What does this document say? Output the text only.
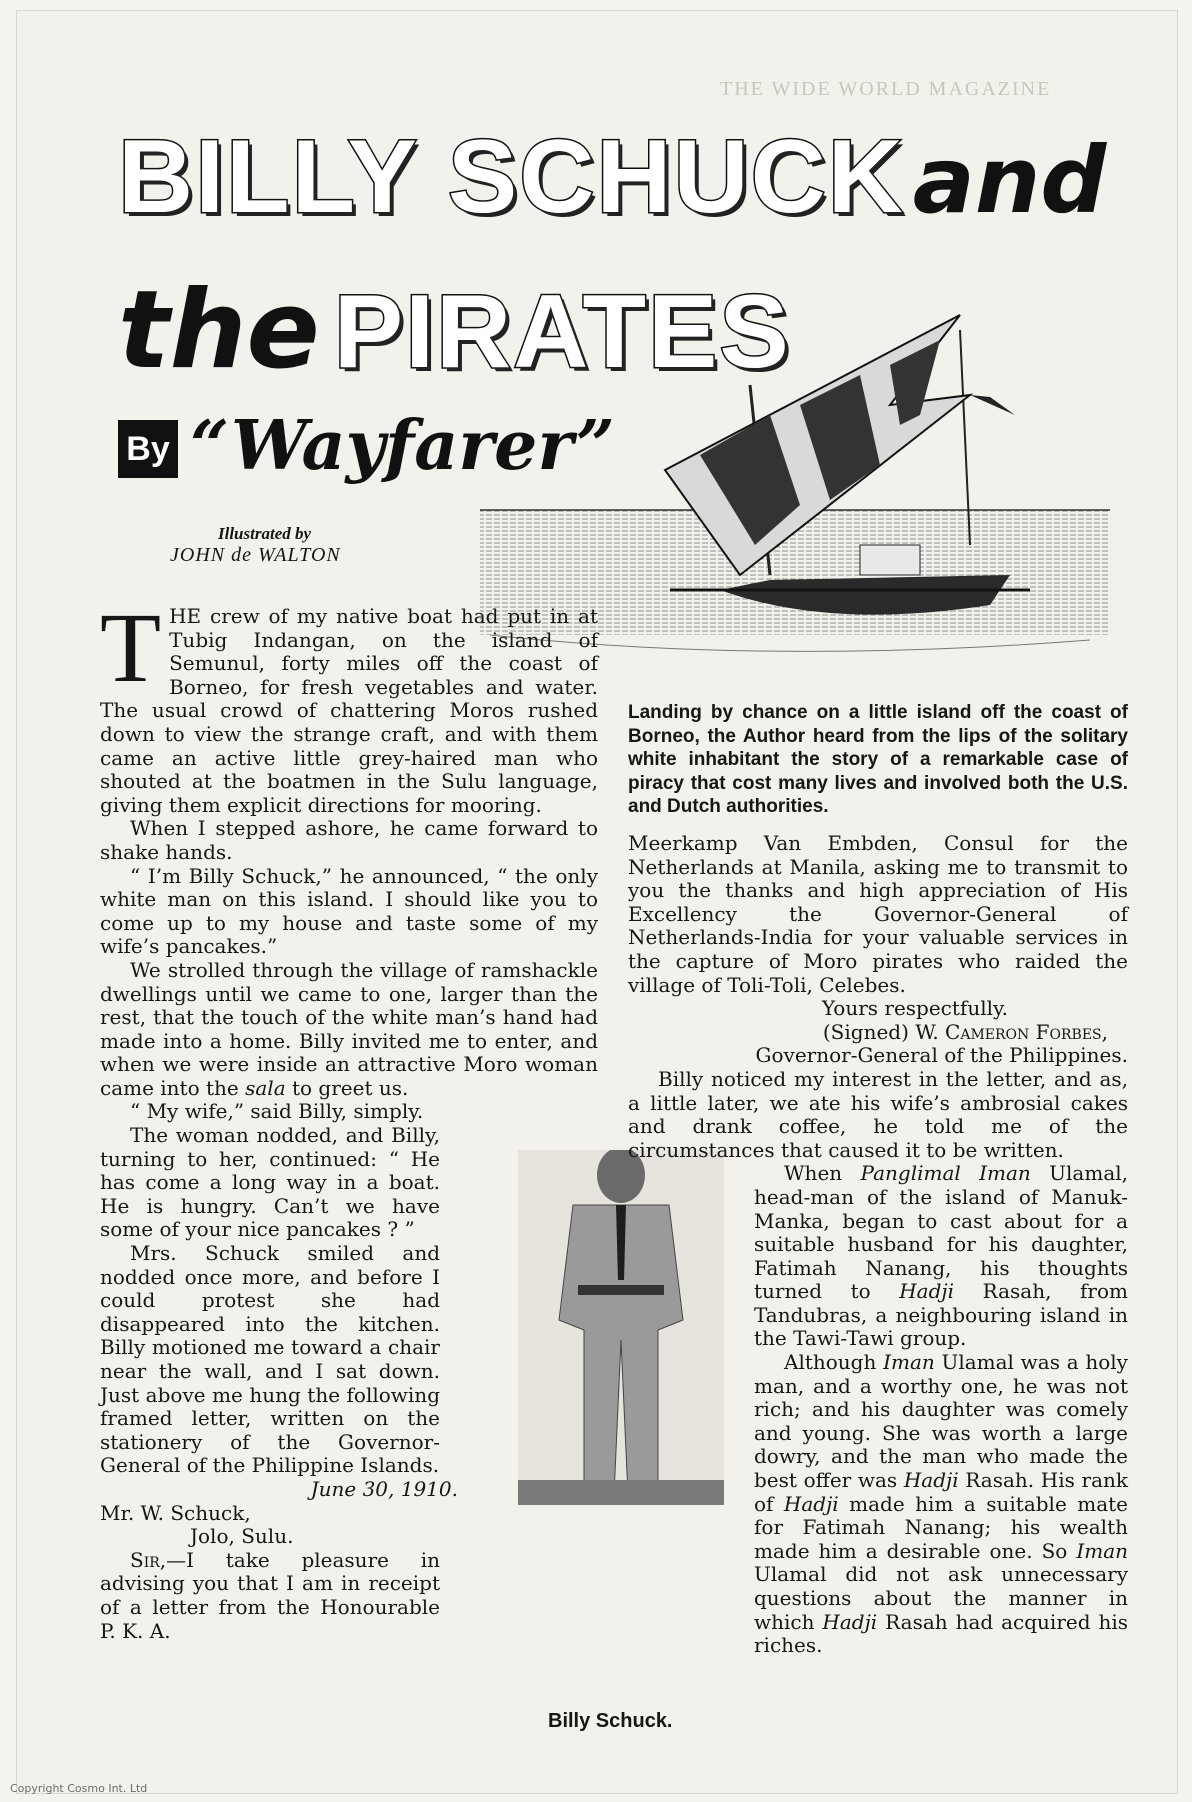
THE WIDE WORLD MAGAZINE
BILLY SCHUCKand
the PIRATES
By “Wayfarer”
Illustrated by
JOHN de WALTON

T HE crew of my native boat had put in at Tubig Indangan, on the island of Semunul, forty miles off the coast of Borneo, for fresh vegetables and water. The usual crowd of chattering Moros rushed down to view the strange craft, and with them came an active little grey-haired man who shouted at the boatmen in the Sulu language, giving them explicit directions for mooring.

When I stepped ashore, he came forward to shake hands.

“ I’m Billy Schuck,” he announced, “ the only white man on this island. I should like you to come up to my house and taste some of my wife’s pancakes.”

We strolled through the village of ramshackle dwellings until we came to one, larger than the rest, that the touch of the white man’s hand had made into a home. Billy invited me to enter, and when we were inside an attractive Moro woman came into the sala to greet us.

“ My wife,” said Billy, simply.

The woman nodded, and Billy, turning to her, continued: “ He has come a long way in a boat. He is hungry. Can’t we have some of your nice pancakes ? ”

Mrs. Schuck smiled and nodded once more, and before I could protest she had disappeared into the kitchen. Billy motioned me toward a chair near the wall, and I sat down. Just above me hung the following framed letter, written on the stationery of the Governor-General of the Philippine Islands.

June 30, 1910.

Mr. W. Schuck,

Jolo, Sulu.

Sir,—I take pleasure in advising you that I am in receipt of a letter from the Honourable P. K. A.

Billy Schuck.
Landing by chance on a little island off the coast of Borneo, the Author heard from the lips of the solitary white inhabitant the story of a remarkable case of piracy that cost many lives and involved both the U.S. and Dutch authorities.

Meerkamp Van Embden, Consul for the Netherlands at Manila, asking me to transmit to you the thanks and high appreciation of His Excellency the Governor-General of Netherlands-India for your valuable services in the capture of Moro pirates who raided the village of Toli-Toli, Celebes.

Yours respectfully.

(Signed) W. Cameron Forbes,

Governor-General of the Philippines.

Billy noticed my interest in the letter, and as, a little later, we ate his wife’s ambrosial cakes and drank coffee, he told me of the circumstances that caused it to be written.

When Panglimal Iman Ulamal, head-man of the island of Manuk-Manka, began to cast about for a suitable husband for his daughter, Fatimah Nanang, his thoughts turned to Hadji Rasah, from Tandubras, a neighbouring island in the Tawi-Tawi group.

Although Iman Ulamal was a holy man, and a worthy one, he was not rich; and his daughter was comely and young. She was worth a large dowry, and the man who made the best offer was Hadji Rasah. His rank of Hadji made him a suitable mate for Fatimah Nanang; his wealth made him a desirable one. So Iman Ulamal did not ask unnecessary questions about the manner in which Hadji Rasah had acquired his riches.

Copyright Cosmo Int. Ltd
